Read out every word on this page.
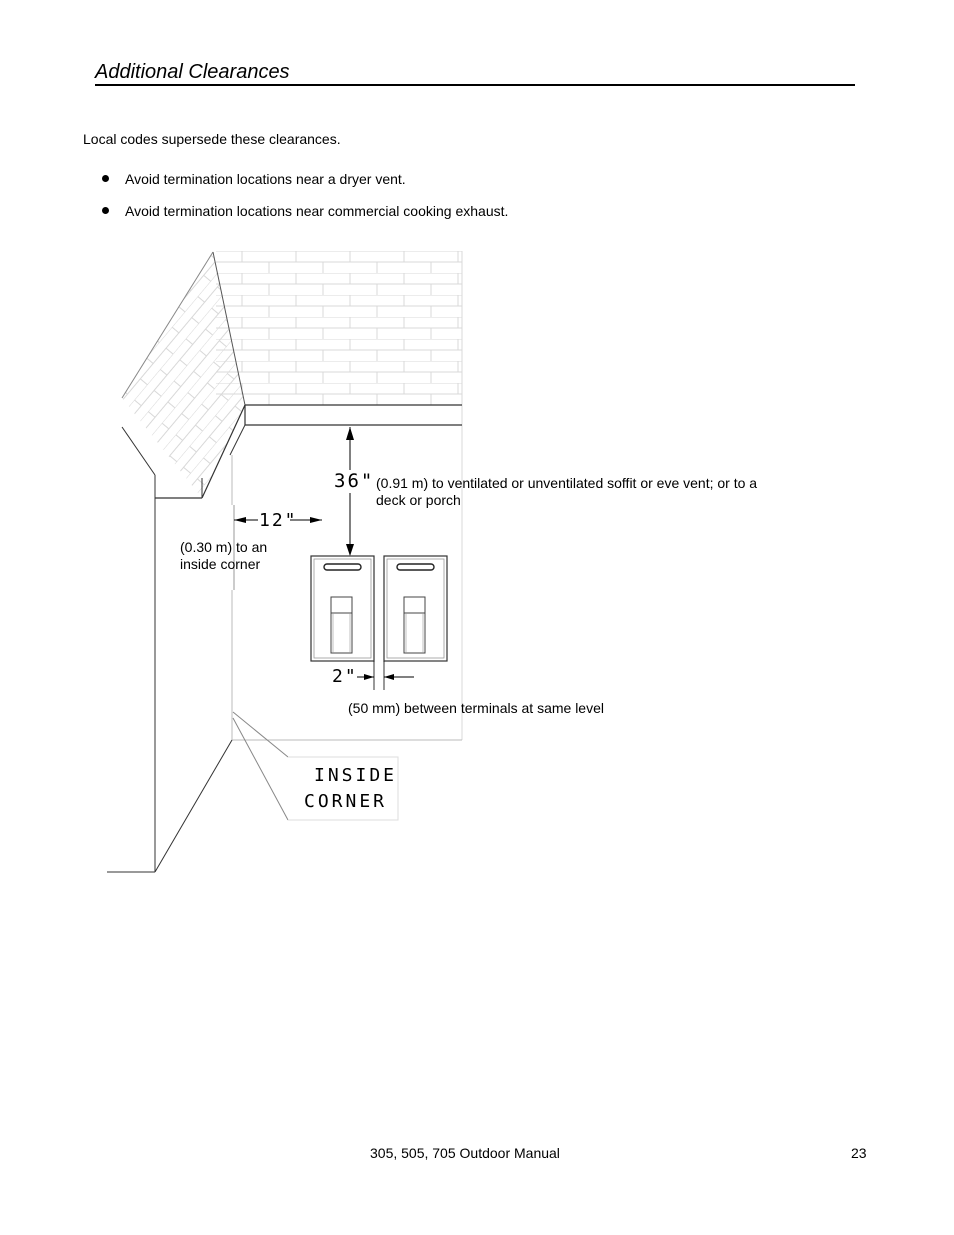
Additional Clearances
Local codes supersede these clearances.
Avoid termination locations near a dryer vent.
Avoid termination locations near commercial cooking exhaust.
36" (0.91 m) to ventilated or unventilated soffit or eve vent; or to a deck or porch
12"
(0.30 m) to an inside corner
2"
(50 mm) between terminals at same level
INSIDE
CORNER
305, 505, 705 Outdoor Manual	23
